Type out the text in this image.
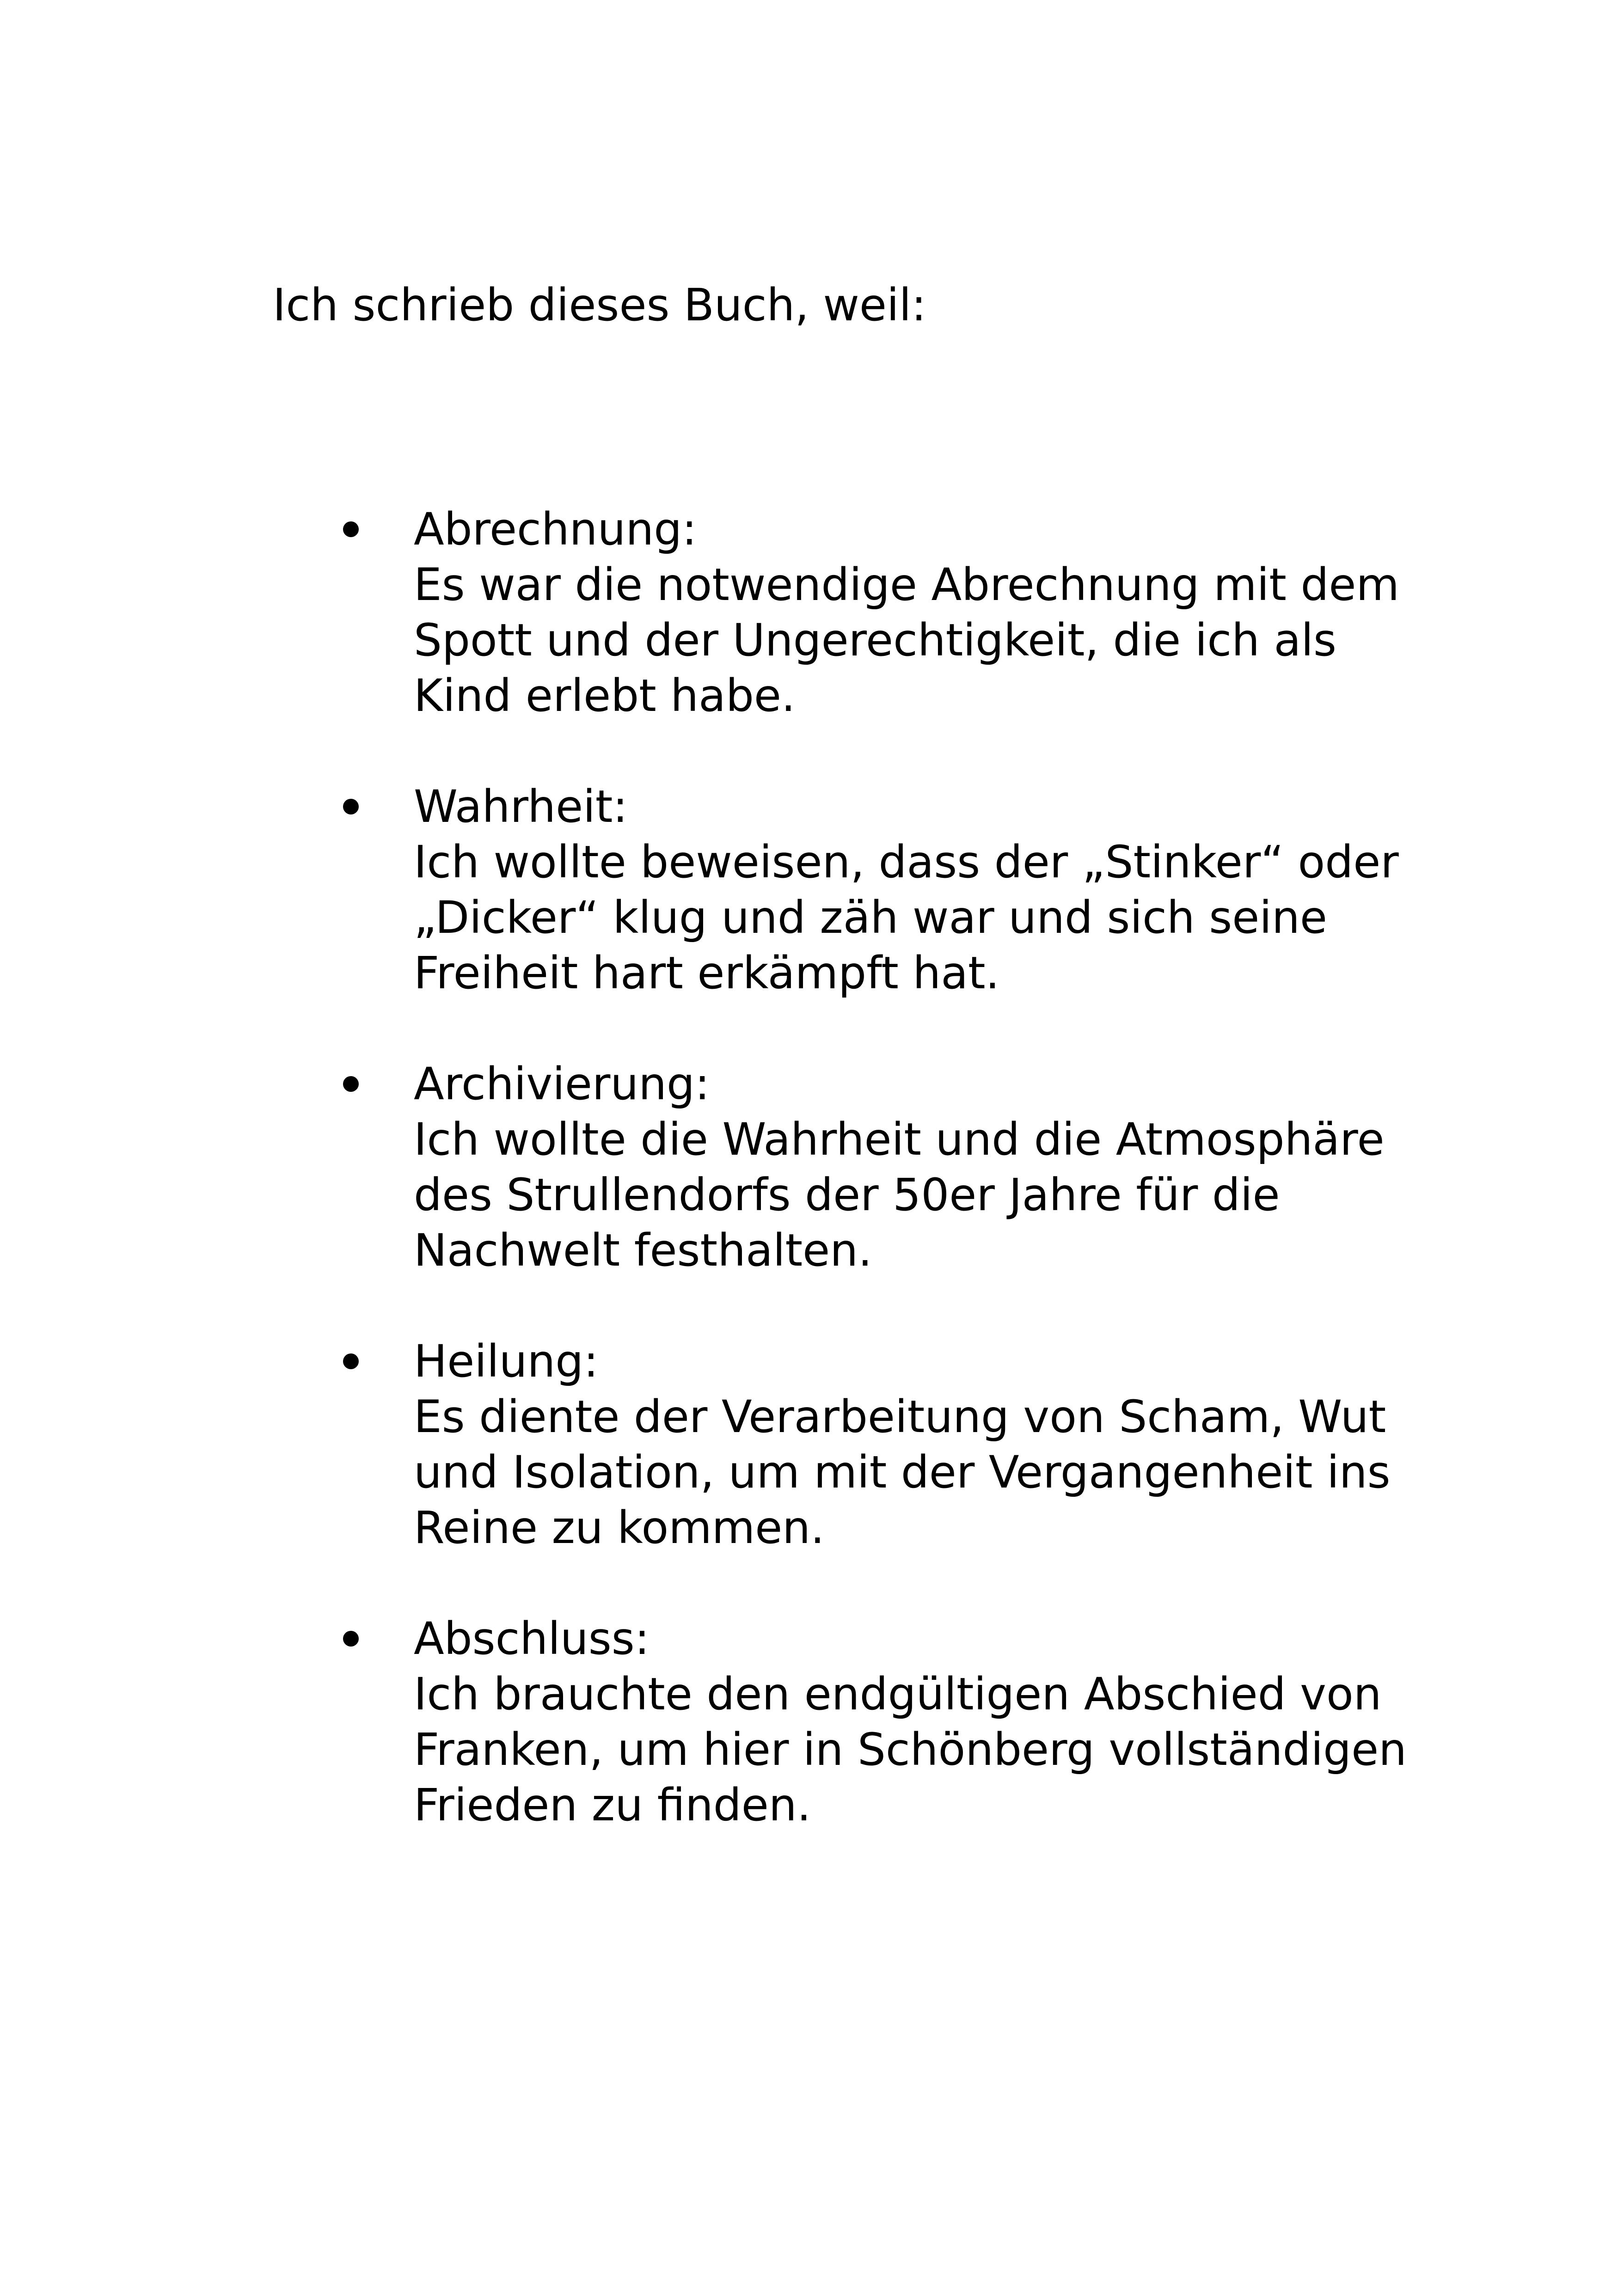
Ich schrieb dieses Buch, weil:

Abrechnung:
Es war die notwendige Abrechnung mit dem
Spott und der Ungerechtigkeit, die ich als
Kind erlebt habe.
Wahrheit:
Ich wollte beweisen, dass der „Stinker“ oder
„Dicker“ klug und zäh war und sich seine
Freiheit hart erkämpft hat.
Archivierung:
Ich wollte die Wahrheit und die Atmosphäre
des Strullendorfs der 50er Jahre für die
Nachwelt festhalten.
Heilung:
Es diente der Verarbeitung von Scham, Wut
und Isolation, um mit der Vergangenheit ins
Reine zu kommen.
Abschluss:
Ich brauchte den endgültigen Abschied von
Franken, um hier in Schönberg vollständigen
Frieden zu finden.
